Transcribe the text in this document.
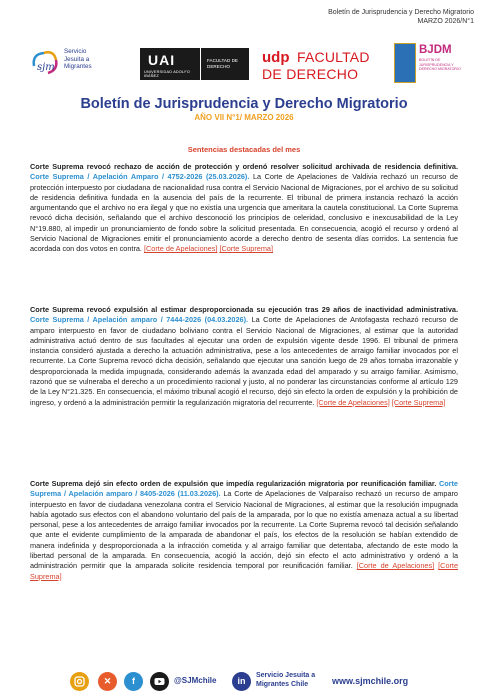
Boletín de Jurisprudencia y Derecho Migratorio
MARZO 2026/N°1
sjm
Servicio
Jesuita a
Migrantes	UAI
UNIVERSIDAD ADOLFO IBÁÑEZ
FACULTAD DE
DERECHO
udp FACULTAD
DE DERECHO
BJDM
BOLETÍN DE JURISPRUDENCIA Y DERECHO MIGRATORIO
Boletín de Jurisprudencia y Derecho Migratorio
AÑO VII N°1/ MARZO 2026
Sentencias destacadas del mes
Corte Suprema revocó rechazo de acción de protección y ordenó resolver solicitud archivada de residencia definitiva. Corte Suprema / Apelación Amparo / 4752-2026 (25.03.2026). La Corte de Apelaciones de Valdivia rechazó un recurso de protección interpuesto por ciudadana de nacionalidad rusa contra el Servicio Nacional de Migraciones, por el archivo de su solicitud de residencia definitiva fundada en la ausencia del país de la recurrente. El tribunal de primera instancia rechazó la acción argumentando que el archivo no era ilegal y que no existía una urgencia que ameritara la cautela constitucional. La Corte Suprema revocó dicha decisión, señalando que el archivo desconoció los principios de celeridad, conclusivo e inexcusabilidad de la Ley N°19.880, al impedir un pronunciamiento de fondo sobre la solicitud presentada. En consecuencia, acogió el recurso y ordenó al Servicio Nacional de Migraciones emitir el pronunciamiento acorde a derecho dentro de sesenta días corridos. La sentencia fue acordada con dos votos en contra. [Corte de Apelaciones] [Corte Suprema]
Corte Suprema revocó expulsión al estimar desproporcionada su ejecución tras 29 años de inactividad administrativa. Corte Suprema / Apelación amparo / 7444-2026 (04.03.2026). La Corte de Apelaciones de Antofagasta rechazó recurso de amparo interpuesto en favor de ciudadano boliviano contra el Servicio Nacional de Migraciones, al estimar que la autoridad administrativa actuó dentro de sus facultades al ejecutar una orden de expulsión vigente desde 1996. El tribunal de primera instancia consideró ajustada a derecho la actuación administrativa, pese a los antecedentes de arraigo familiar invocados por el recurrente. La Corte Suprema revocó dicha decisión, señalando que ejecutar una sanción luego de 29 años tornaba irrazonable y desproporcionada la medida impugnada, considerando además la avanzada edad del amparado y su arraigo familiar. Asimismo, razonó que se vulneraba el derecho a un procedimiento racional y justo, al no ponderar las circunstancias conforme al artículo 129 de la Ley N°21.325. En consecuencia, el máximo tribunal acogió el recurso, dejó sin efecto la orden de expulsión y la prohibición de ingreso, y ordenó a la administración permitir la regularización migratoria del recurrente. [Corte de Apelaciones] [Corte Suprema]
Corte Suprema dejó sin efecto orden de expulsión que impedía regularización migratoria por reunificación familiar. Corte Suprema / Apelación amparo / 8405-2026 (11.03.2026). La Corte de Apelaciones de Valparaíso rechazó un recurso de amparo interpuesto en favor de ciudadana venezolana contra el Servicio Nacional de Migraciones, al estimar que la resolución impugnada había agotado sus efectos con el abandono voluntario del país de la amparada, por lo que no existía amenaza actual a su libertad personal, pese a los antecedentes de arraigo familiar invocados por la recurrente. La Corte Suprema revocó tal decisión señalando que ante el evidente cumplimiento de la amparada de abandonar el país, los efectos de la resolución se habían extendido de manera indefinida y desproporcionada a la infracción cometida y al arraigo familiar que detentaba, afectando de este modo la libertad personal de la amparada. En consecuencia, acogió la acción, dejó sin efecto el acto administrativo y ordenó a la administración permitir que la amparada solicite residencia temporal por reunificación familiar. [Corte de Apelaciones] [Corte Suprema]
✕	f	@SJMchile	in
Servicio Jesuita a
Migrantes Chile	www.sjmchile.org
